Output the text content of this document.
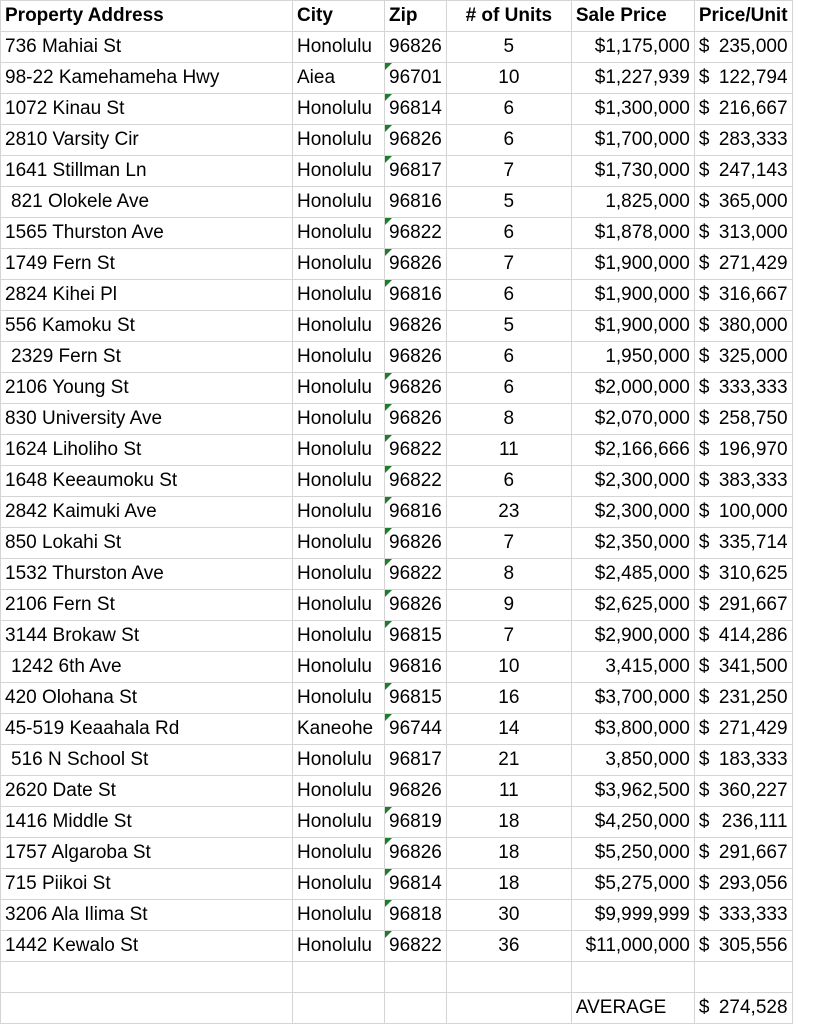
Property Address	City	Zip	# of Units	Sale Price	Price/Unit
736 Mahiai St	Honolulu	96826	5	$1,175,000	$ 235,000

98-22 Kamehameha Hwy	Aiea	96701	10	$1,227,939	$ 122,794

1072 Kinau St	Honolulu	96814	6	$1,300,000	$ 216,667

2810 Varsity Cir	Honolulu	96826	6	$1,700,000	$ 283,333

1641 Stillman Ln	Honolulu	96817	7	$1,730,000	$ 247,143

821 Olokele Ave	Honolulu	96816	5	1,825,000	$ 365,000

1565 Thurston Ave	Honolulu	96822	6	$1,878,000	$ 313,000

1749 Fern St	Honolulu	96826	7	$1,900,000	$ 271,429

2824 Kihei Pl	Honolulu	96816	6	$1,900,000	$ 316,667

556 Kamoku St	Honolulu	96826	5	$1,900,000	$ 380,000

2329 Fern St	Honolulu	96826	6	1,950,000	$ 325,000

2106 Young St	Honolulu	96826	6	$2,000,000	$ 333,333

830 University Ave	Honolulu	96826	8	$2,070,000	$ 258,750

1624 Liholiho St	Honolulu	96822	11	$2,166,666	$ 196,970

1648 Keeaumoku St	Honolulu	96822	6	$2,300,000	$ 383,333

2842 Kaimuki Ave	Honolulu	96816	23	$2,300,000	$ 100,000

850 Lokahi St	Honolulu	96826	7	$2,350,000	$ 335,714

1532 Thurston Ave	Honolulu	96822	8	$2,485,000	$ 310,625

2106 Fern St	Honolulu	96826	9	$2,625,000	$ 291,667

3144 Brokaw St	Honolulu	96815	7	$2,900,000	$ 414,286

1242 6th Ave	Honolulu	96816	10	3,415,000	$ 341,500

420 Olohana St	Honolulu	96815	16	$3,700,000	$ 231,250

45-519 Keaahala Rd	Kaneohe	96744	14	$3,800,000	$ 271,429

516 N School St	Honolulu	96817	21	3,850,000	$ 183,333

2620 Date St	Honolulu	96826	11	$3,962,500	$ 360,227

1416 Middle St	Honolulu	96819	18	$4,250,000	$ 236,111

1757 Algaroba St	Honolulu	96826	18	$5,250,000	$ 291,667

715 Piikoi St	Honolulu	96814	18	$5,275,000	$ 293,056

3206 Ala Ilima St	Honolulu	96818	30	$9,999,999	$ 333,333

1442 Kewalo St	Honolulu	96822	36	$11,000,000	$ 305,556

				AVERAGE	$ 274,528
